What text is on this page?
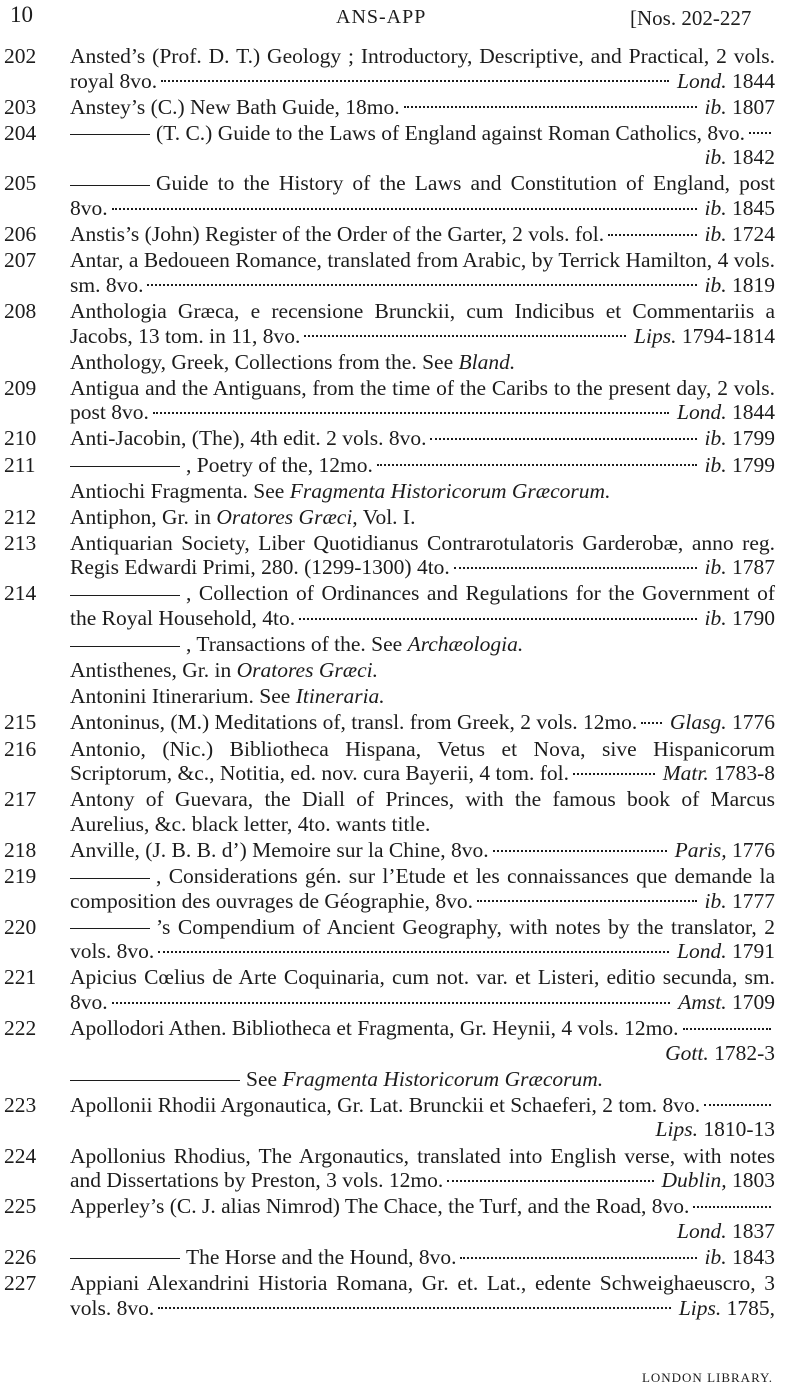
10	ANS-APP	[Nos. 202-227
202	Ansted’s (Prof. D. T.) Geology ; Introductory, Descriptive, and Practical, 2 vols. royal 8vo.	Lond. 1844
203	Anstey’s (C.) New Bath Guide, 18mo.	ib. 1807
204	(T. C.) Guide to the Laws of England against Roman Catholics, 8vo.
ib. 1842
205	Guide to the History of the Laws and Constitution of England, post 8vo.	ib. 1845
206	Anstis’s (John) Register of the Order of the Garter, 2 vols. fol.	ib. 1724
207	Antar, a Bedoueen Romance, translated from Arabic, by Terrick Hamilton, 4 vols. sm. 8vo.	ib. 1819
208	Anthologia Græca, e recensione Brunckii, cum Indicibus et Commentariis a Jacobs, 13 tom. in 11, 8vo.	Lips. 1794-1814
Anthology, Greek, Collections from the. See Bland.
209	Antigua and the Antiguans, from the time of the Caribs to the present day, 2 vols. post 8vo.	Lond. 1844
210	Anti-Jacobin, (The), 4th edit. 2 vols. 8vo.	ib. 1799
211	, Poetry of the, 12mo.	ib. 1799
Antiochi Fragmenta. See Fragmenta Historicorum Græcorum.
212	Antiphon, Gr. in Oratores Græci, Vol. I.
213	Antiquarian Society, Liber Quotidianus Contrarotulatoris Garderobæ, anno reg. Regis Edwardi Primi, 280. (1299-1300) 4to.	ib. 1787
214	, Collection of Ordinances and Regulations for the Government of the Royal Household, 4to.	ib. 1790
, Transactions of the. See Archæologia.
Antisthenes, Gr. in Oratores Græci.
Antonini Itinerarium. See Itineraria.
215	Antoninus, (M.) Meditations of, transl. from Greek, 2 vols. 12mo. Glasg. 1776
216	Antonio, (Nic.) Bibliotheca Hispana, Vetus et Nova, sive Hispanicorum Scriptorum, &c., Notitia, ed. nov. cura Bayerii, 4 tom. fol.	Matr. 1783-8
217	Antony of Guevara, the Diall of Princes, with the famous book of Marcus Aurelius, &c. black letter, 4to. wants title.
218	Anville, (J. B. B. d’) Memoire sur la Chine, 8vo.	Paris, 1776
219	, Considerations gén. sur l’Etude et les connaissances que demande la composition des ouvrages de Géographie, 8vo.	ib. 1777
220	’s Compendium of Ancient Geography, with notes by the translator, 2 vols. 8vo.	Lond. 1791
221	Apicius Cœlius de Arte Coquinaria, cum not. var. et Listeri, editio secunda, sm. 8vo.	Amst. 1709
222	Apollodori Athen. Bibliotheca et Fragmenta, Gr. Heynii, 4 vols. 12mo.
Gott. 1782-3
See Fragmenta Historicorum Græcorum.
223	Apollonii Rhodii Argonautica, Gr. Lat. Brunckii et Schaeferi, 2 tom. 8vo.
Lips. 1810-13
224	Apollonius Rhodius, The Argonautics, translated into English verse, with notes and Dissertations by Preston, 3 vols. 12mo.	Dublin, 1803
225	Apperley’s (C. J. alias Nimrod) The Chace, the Turf, and the Road, 8vo.
Lond. 1837
226	The Horse and the Hound, 8vo.	ib. 1843
227	Appiani Alexandrini Historia Romana, Gr. et. Lat., edente Schweighaeuscro, 3 vols. 8vo.	Lips. 1785,
LONDON LIBRARY.
